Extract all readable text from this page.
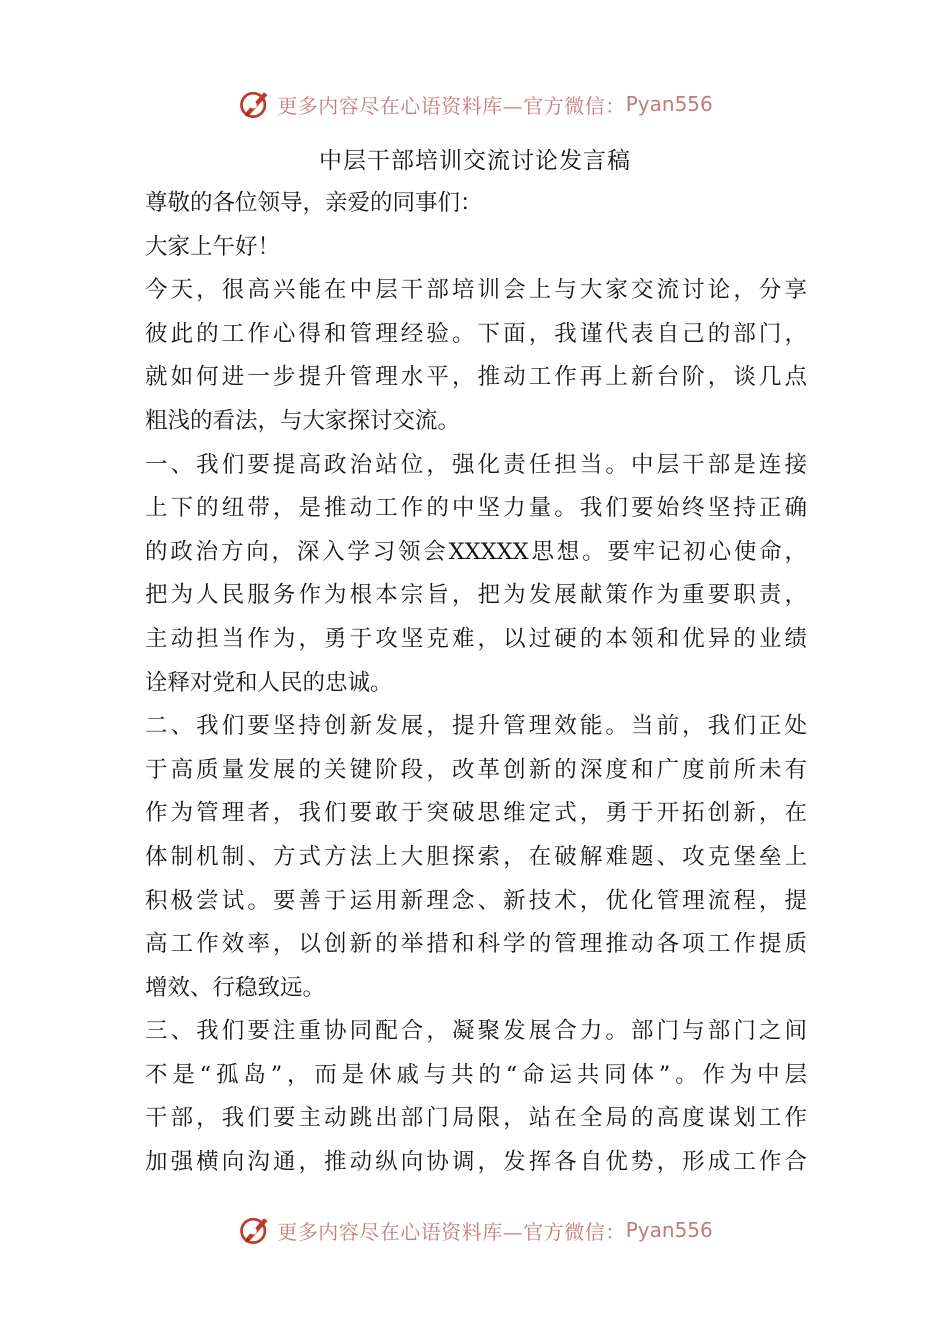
更多内容尽在心语资料库—官方微信： Pyan556
中层干部培训交流讨论发言稿
尊敬的各位领导，亲爱的同事们：
大家上午好！
今天，很高兴能在中层干部培训会上与大家交流讨论，分享
彼此的工作心得和管理经验。下面，我谨代表自己的部门，
就如何进一步提升管理水平，推动工作再上新台阶，谈几点
粗浅的看法，与大家探讨交流。
一、我们要提高政治站位，强化责任担当。中层干部是连接
上下的纽带，是推动工作的中坚力量。我们要始终坚持正确
的政治方向，深入学习领会XXXXX思想。要牢记初心使命，
把为人民服务作为根本宗旨，把为发展献策作为重要职责，
主动担当作为，勇于攻坚克难，以过硬的本领和优异的业绩
诠释对党和人民的忠诚。
二、我们要坚持创新发展，提升管理效能。当前，我们正处
于高质量发展的关键阶段，改革创新的深度和广度前所未有
作为管理者，我们要敢于突破思维定式，勇于开拓创新，在
体制机制、方式方法上大胆探索，在破解难题、攻克堡垒上
积极尝试。要善于运用新理念、新技术，优化管理流程，提
高工作效率，以创新的举措和科学的管理推动各项工作提质
增效、行稳致远。
三、我们要注重协同配合，凝聚发展合力。部门与部门之间
不是“孤岛”，而是休戚与共的“命运共同体”。作为中层
干部，我们要主动跳出部门局限，站在全局的高度谋划工作
加强横向沟通，推动纵向协调，发挥各自优势，形成工作合
更多内容尽在心语资料库—官方微信： Pyan556
